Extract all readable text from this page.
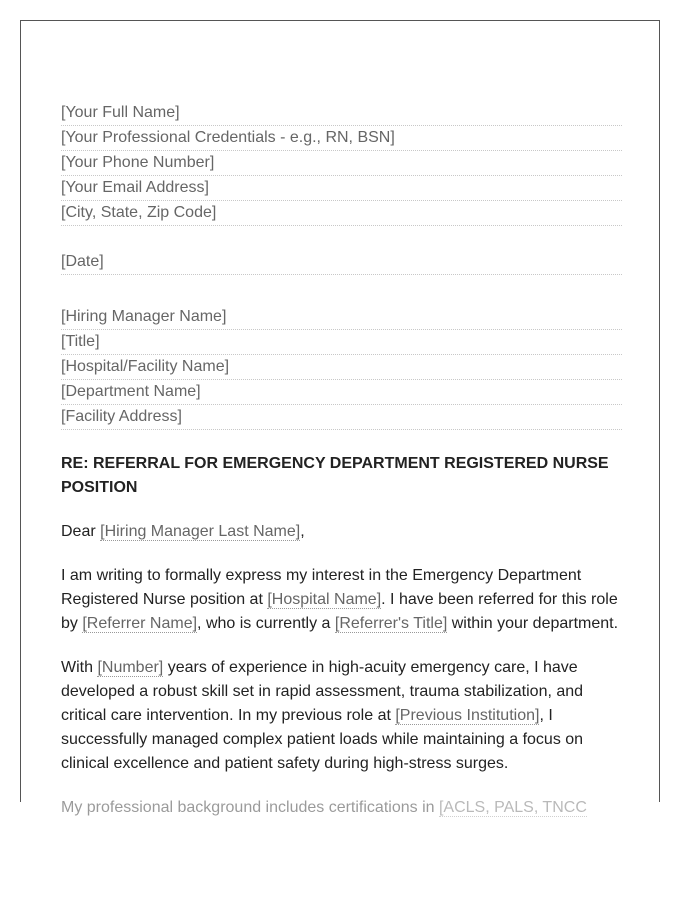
[Your Full Name]
[Your Professional Credentials - e.g., RN, BSN]
[Your Phone Number]
[Your Email Address]
[City, State, Zip Code]
[Date]
[Hiring Manager Name]
[Title]
[Hospital/Facility Name]
[Department Name]
[Facility Address]
RE: REFERRAL FOR EMERGENCY DEPARTMENT REGISTERED NURSE POSITION
Dear [Hiring Manager Last Name],
I am writing to formally express my interest in the Emergency Department Registered Nurse position at [Hospital Name]. I have been referred for this role by [Referrer Name], who is currently a [Referrer's Title] within your department.
With [Number] years of experience in high-acuity emergency care, I have developed a robust skill set in rapid assessment, trauma stabilization, and critical care intervention. In my previous role at [Previous Institution], I successfully managed complex patient loads while maintaining a focus on clinical excellence and patient safety during high-stress surges.
My professional background includes certifications in [ACLS, PALS, TNCC
